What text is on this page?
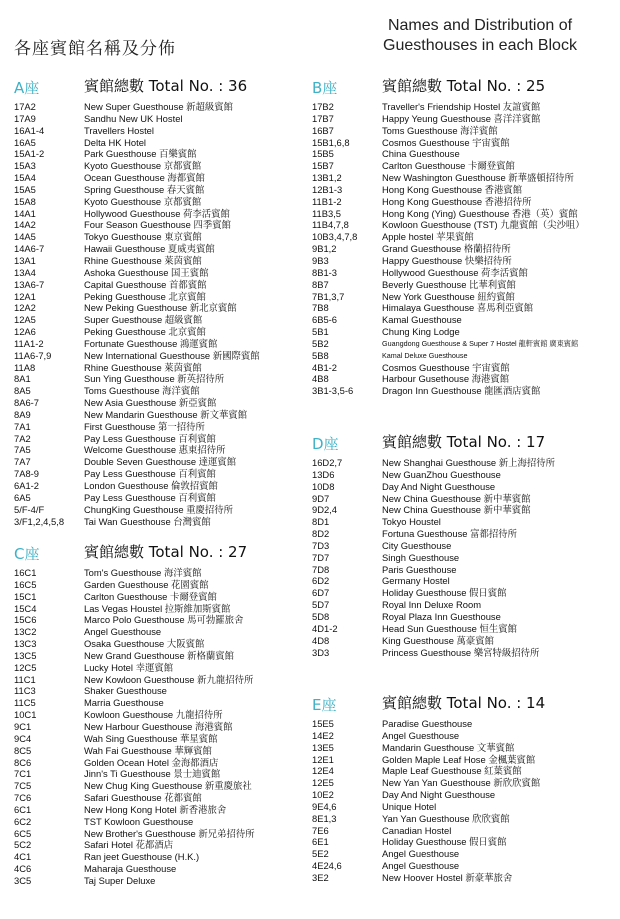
各座賓館名稱及分佈
Names and Distribution of
Guesthouses in each Block
A座	賓館總數 Total No. : 36
17A2	New Super Guesthouse 新超級賓館
17A9	Sandhu New UK Hostel
16A1-4	Travellers Hostel
16A5	Delta HK Hotel
15A1-2	Park Guesthouse 百樂賓館
15A3	Kyoto Guesthouse 京都賓館
15A4	Ocean Guesthouse 海都賓館
15A5	Spring Guesthouse 春天賓館
15A8	Kyoto Guesthouse 京都賓館
14A1	Hollywood Guesthouse 荷李活賓館
14A2	Four Season Guesthouse 四季賓館
14A5	Tokyo Guesthouse 東京賓館
14A6-7	Hawaii Guesthouse 夏威夷賓館
13A1	Rhine Guesthouse 萊茵賓館
13A4	Ashoka Guesthouse 国王賓館
13A6-7	Capital Guesthouse 首都賓館
12A1	Peking Guesthouse 北京賓館
12A2	New Peking Guesthouse 新北京賓館
12A5	Super Guesthouse 超級賓館
12A6	Peking Guesthouse 北京賓館
11A1-2	Fortunate Guesthouse 鴻運賓館
11A6-7,9	New International Guesthouse 新國際賓館
11A8	Rhine Guesthouse 萊茵賓館
8A1	Sun Ying Guesthouse 新英招待所
8A5	Toms Guesthouse 海洋賓館
8A6-7	New Asia Guesthouse 新亞賓館
8A9	New Mandarin Guesthouse 新文華賓館
7A1	First Guesthouse 第一招待所
7A2	Pay Less Guesthouse 百利賓館
7A5	Welcome Guesthouse 惠東招待所
7A7	Double Seven Guesthouse 達運賓館
7A8-9	Pay Less Guesthouse 百利賓館
6A1-2	London Guesthouse 倫敦招賓館
6A5	Pay Less Guesthouse 百利賓館
5/F-4/F	ChungKing Guesthouse 重慶招待所
3/F1,2,4,5,8 Tai Wan Guesthouse 台灣賓館
B座	賓館總數 Total No. : 25
17B2	Traveller's Friendship Hostel 友誼賓館
17B7	Happy Yeung Guesthouse 喜洋洋賓館
16B7	Toms Guesthouse 海洋賓館
15B1,6,8	Cosmos Guesthouse 宇宙賓館
15B5	China Guesthouse
15B7	Carlton Guesthouse 卡爾登賓館
13B1,2	New Washington Guesthouse 新華盛頓招待所
12B1-3	Hong Kong Guesthouse 香港賓館
11B1-2	Hong Kong Guesthouse 香港招待所
11B3,5	Hong Kong (Ying) Guesthouse 香港（英）賓館
11B4,7,8	Kowloon Guesthouse (TST) 九龍賓館（尖沙咀）
10B3,4,7,8	Apple hostel 苹果賓館
9B1,2	Grand Guesthouse 格蘭招待所
9B3	Happy Guesthouse 快樂招待所
8B1-3	Hollywood Guesthouse 荷李活賓館
8B7	Beverly Guesthouse 比華利賓館
7B1,3,7	New York Guesthouse 紐約賓館
7B8	Himalaya Guesthouse 喜馬利亞賓館
6B5-6	Kamal Guesthouse
5B1	Chung King Lodge
5B2	Guangdong Guesthouse & Super 7 Hostel 龍軒賓館 廣東賓館
5B8	Kamal Deluxe Guesthouse
4B1-2	Cosmos Guesthouse 宇宙賓館
4B8	Harbour Gusethouse 海港賓館
3B1-3,5-6	Dragon Inn Guesthouse 龍匯酒店賓館
C座	賓館總數 Total No. : 27
16C1	Tom's Guesthouse 海洋賓館
16C5	Garden Guesthouse 花園賓館
15C1	Carlton Guesthouse 卡爾登賓館
15C4	Las Vegas Houstel 拉斯維加斯賓館
15C6	Marco Polo Guesthouse 馬可勃羅旅舍
13C2	Angel Guesthouse
13C3	Osaka Guesthouse 大阪賓館
13C5	New Grand Guesthouse 新格蘭賓館
12C5	Lucky Hotel 幸運賓館
11C1	New Kowloon Guesthouse 新九龍招待所
11C3	Shaker Guesthouse
11C5	Marria Guesthouse
10C1	Kowloon Guesthouse 九龍招待所
9C1	New Harbour Guesthouse 海港賓館
9C4	Wah Sing Guesthouse 華星賓館
8C5	Wah Fai Guesthouse 華輝賓館
8C6	Golden Ocean Hotel 金海都酒店
7C1	Jinn's Ti Guesthouse 景士迪賓館
7C5	New Chug King Guesthouse 新重慶旅社
7C6	Safari Guesthouse 花都賓館
6C1	New Hong Kong Hotel 新香港旅舍
6C2	TST Kowloon Guesthouse
6C5	New Brother's Guesthouse 新兄弟招待所
5C2	Safari Hotel 花都酒店
4C1	Ran jeet Guesthouse (H.K.)
4C6	Maharaja Guesthouse
3C5	Taj Super Deluxe
D座	賓館總數 Total No. : 17
16D2,7	New Shanghai Guesthouse 新上海招待所
13D6	New GuanZhou Guesthouse
10D8	Day And Night Guesthouse
9D7	New China Guesthouse 新中華賓館
9D2,4	New China Guesthouse 新中華賓館
8D1	Tokyo Houstel
8D2	Fortuna Guesthouse 富都招待所
7D3	City Guesthouse
7D7	Singh Guesthouse
7D8	Paris Guesthouse
6D2	Germany Hostel
6D7	Holiday Guesthouse 假日賓館
5D7	Royal Inn Deluxe Room
5D8	Royal Plaza Inn Guesthouse
4D1-2	Head Sun Guesthouse 恒生賓館
4D8	King Guesthouse 萬豪賓館
3D3	Princess Guesthouse 樂宮特級招待所
E座	賓館總數 Total No. : 14
15E5	Paradise Guesthouse
14E2	Angel Guesthouse
13E5	Mandarin Guesthouse 文華賓館
12E1	Golden Maple Leaf Hose 金楓葉賓館
12E4	Maple Leaf Guesthouse 紅葉賓館
12E5	New Yan Yan Guesthouse 新欣欣賓館
10E2	Day And Night Guesthouse
9E4,6	Unique Hotel
8E1,3	Yan Yan Guesthouse 欣欣賓館
7E6	Canadian Hostel
6E1	Holiday Guesthouse 假日賓館
5E2	Angel Guesthouse
4E24,6	Angel Guesthouse
3E2	New Hoover Hostel 新豪華旅舍
